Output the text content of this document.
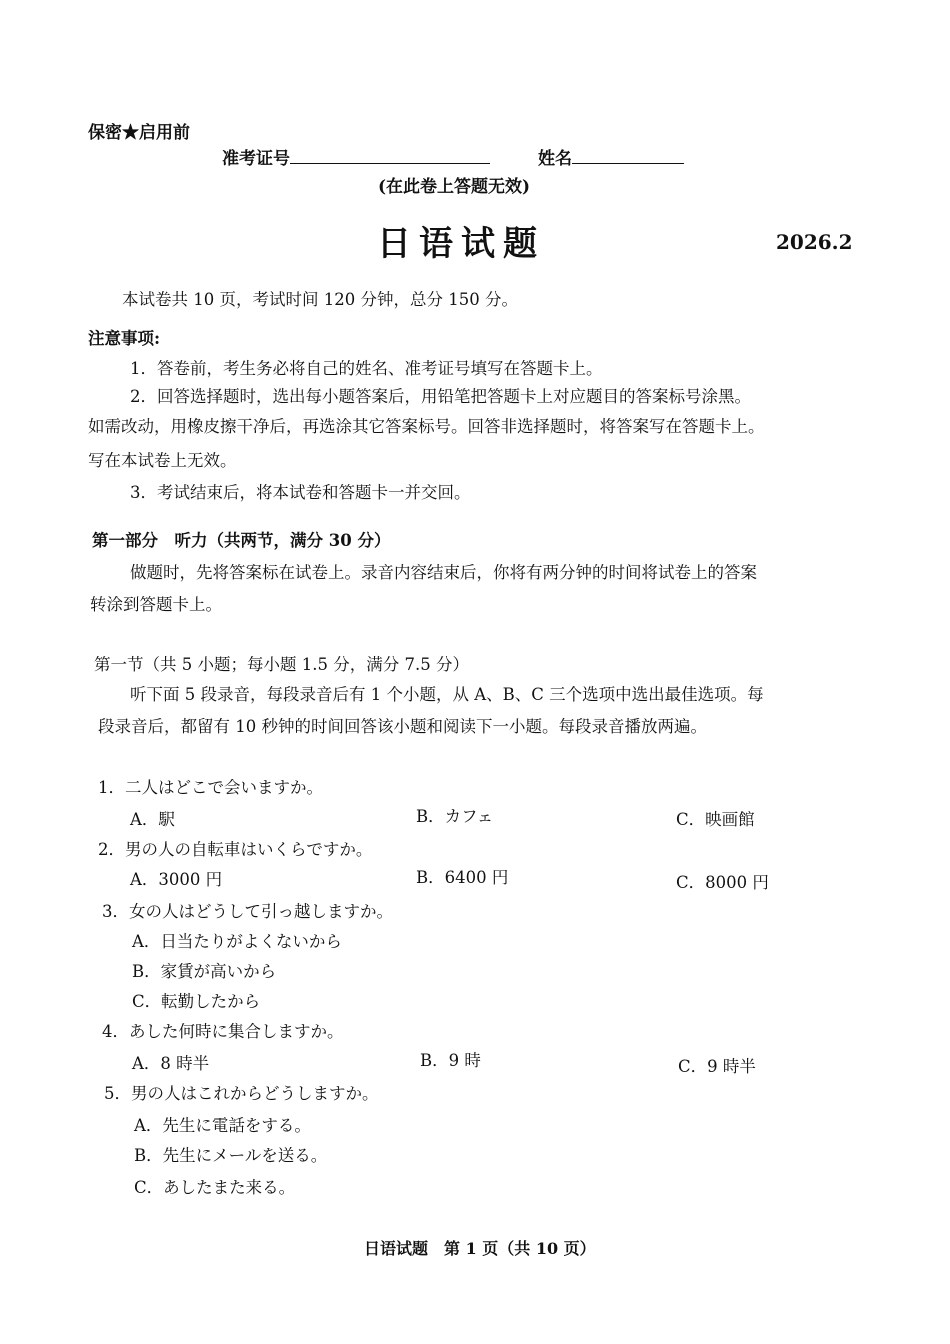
保密★启用前
准考证号	姓名
(在此卷上答题无效)
日语试题	2026.2
本试卷共 10 页，考试时间 120 分钟，总分 150 分。
注意事项:
1．答卷前，考生务必将自己的姓名、准考证号填写在答题卡上。
2．回答选择题时，选出每小题答案后，用铅笔把答题卡上对应题目的答案标号涂黑。
如需改动，用橡皮擦干净后，再选涂其它答案标号。回答非选择题时，将答案写在答题卡上。
写在本试卷上无效。
3．考试结束后，将本试卷和答题卡一并交回。
第一部分　听力（共两节，满分 30 分）
做题时，先将答案标在试卷上。录音内容结束后，你将有两分钟的时间将试卷上的答案
转涂到答题卡上。
第一节（共 5 小题；每小题 1.5 分，满分 7.5 分）
听下面 5 段录音，每段录音后有 1 个小题，从 A、B、C 三个选项中选出最佳选项。每
段录音后，都留有 10 秒钟的时间回答该小题和阅读下一小题。每段录音播放两遍。
1．二人はどこで会いますか。
A．駅	B．カフェ	C．映画館
2．男の人の自転車はいくらですか。
A．3000 円	B．6400 円	C．8000 円
3．女の人はどうして引っ越しますか。
A．日当たりがよくないから
B．家賃が高いから
C．転勤したから
4．あした何時に集合しますか。
A．8 時半	B．9 時	C．9 時半
5．男の人はこれからどうしますか。
A．先生に電話をする。
B．先生にメールを送る。
C．あしたまた来る。
日语试题　第 1 页（共 10 页）
